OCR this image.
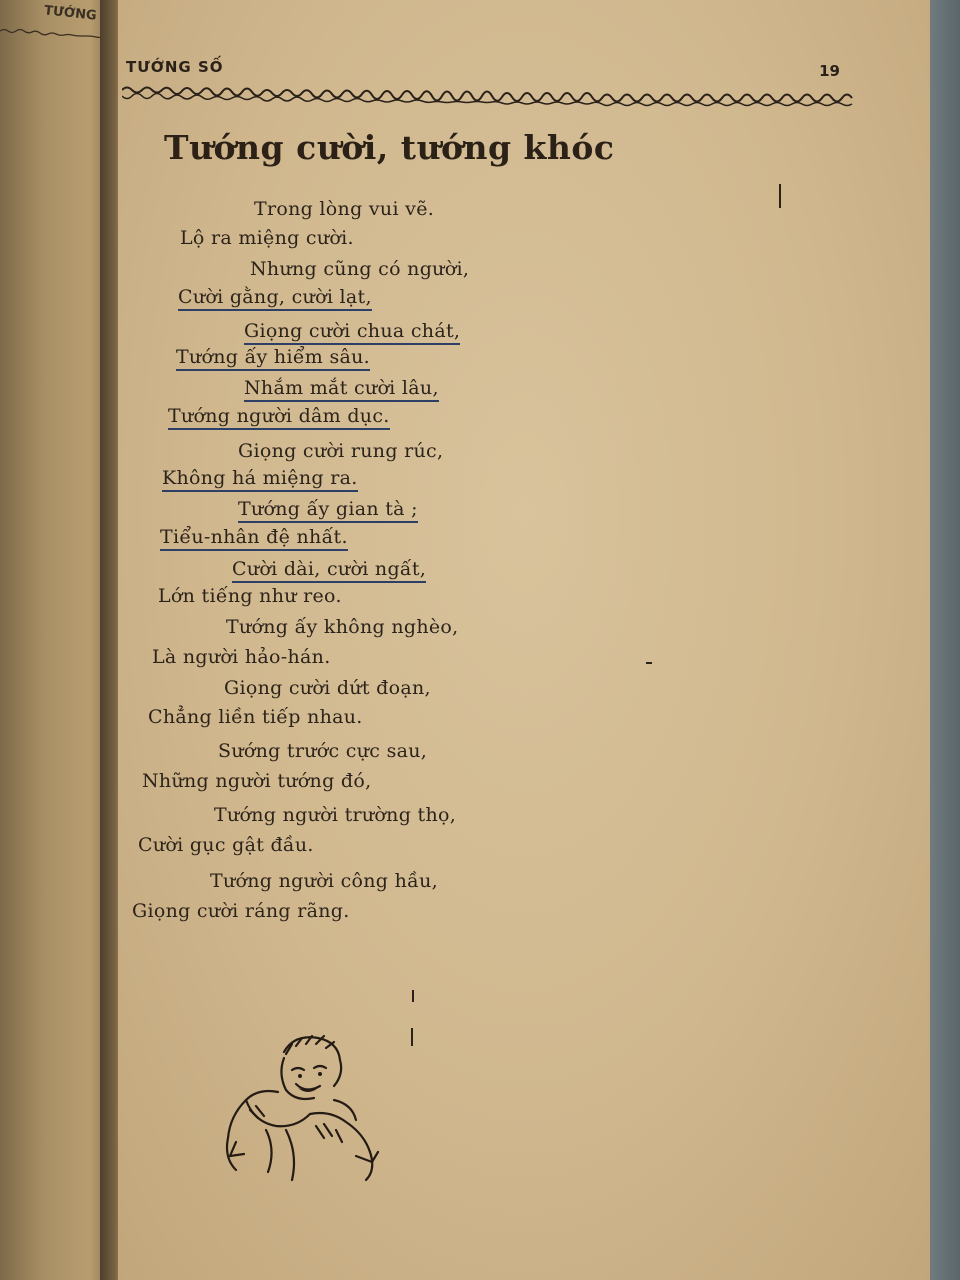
TƯỚNG
TƯỚNG SỐ	19
Tướng cười, tướng khóc
Trong lòng vui vẽ.
Lộ ra miệng cười.
Nhưng cũng có người,
Cười gằng, cười lạt,
Giọng cười chua chát,
Tướng ấy hiểm sâu.
Nhắm mắt cười lâu,
Tướng người dâm dục.
Giọng cười rung rúc,
Không há miệng ra.
Tướng ấy gian tà ;
Tiểu-nhân đệ nhất.
Cười dài, cười ngất,
Lớn tiếng như reo.
Tướng ấy không nghèo,
Là người hảo-hán.
Giọng cười dứt đoạn,
Chẳng liền tiếp nhau.
Sướng trước cực sau,
Những người tướng đó,
Tướng người trường thọ,
Cười gục gật đầu.
Tướng người công hầu,
Giọng cười ráng rãng.
